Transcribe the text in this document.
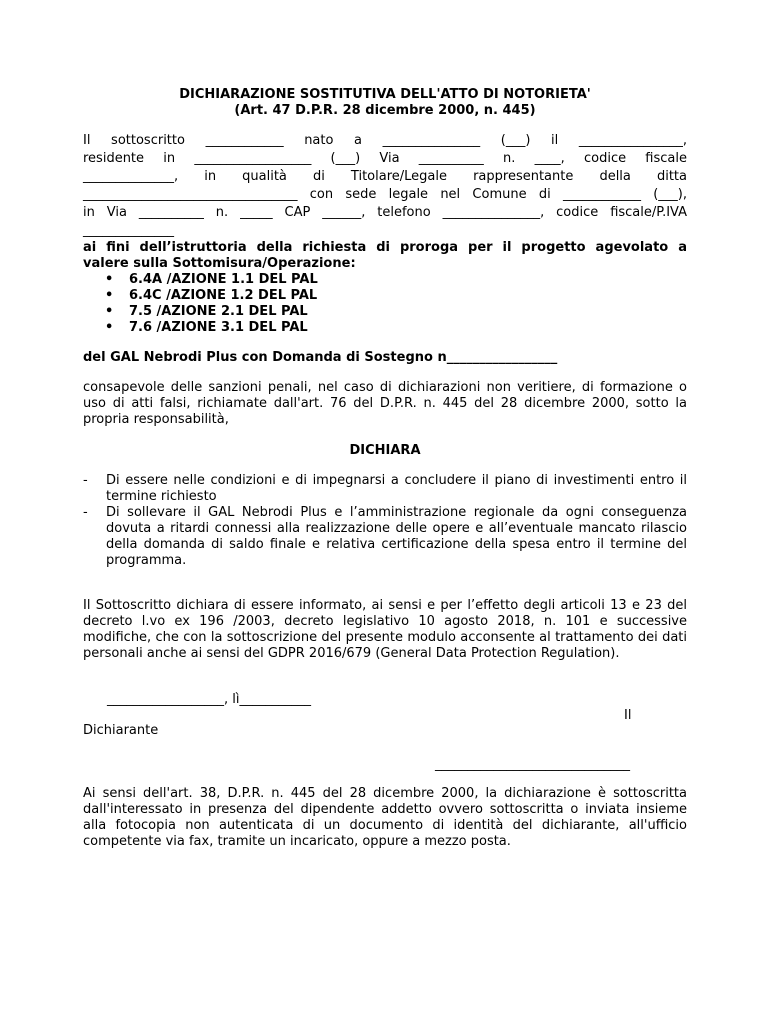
DICHIARAZIONE SOSTITUTIVA DELL'ATTO DI NOTORIETA'
(Art. 47 D.P.R. 28 dicembre 2000, n. 445)
Il sottoscritto ____________ nato a _______________ (___) il ________________,
residente in __________________ (___) Via __________ n. ____, codice fiscale
______________, in qualità di Titolare/Legale rappresentante della ditta
_________________________________ con sede legale nel Comune di ____________ (___),
in Via __________ n. _____ CAP ______, telefono _______________, codice fiscale/P.IVA
______________
ai fini dell’istruttoria della richiesta di proroga per il progetto agevolato a
valere sulla Sottomisura/Operazione:
• 6.4A /AZIONE 1.1 DEL PAL
• 6.4C /AZIONE 1.2 DEL PAL
• 7.5 /AZIONE 2.1 DEL PAL
• 7.6 /AZIONE 3.1 DEL PAL
del GAL Nebrodi Plus con Domanda di Sostegno n_________________
consapevole delle sanzioni penali, nel caso di dichiarazioni non veritiere, di formazione o uso di atti falsi, richiamate dall'art. 76 del D.P.R. n. 445 del 28 dicembre 2000, sotto la propria responsabilità,
DICHIARA
- Di essere nelle condizioni e di impegnarsi a concludere il piano di investimenti entro il termine richiesto
- Di sollevare il GAL Nebrodi Plus e l’amministrazione regionale da ogni conseguenza dovuta a ritardi connessi alla realizzazione delle opere e all’eventuale mancato rilascio della domanda di saldo finale e relativa certificazione della spesa entro il termine del programma.
Il Sottoscritto dichiara di essere informato, ai sensi e per l’effetto degli articoli 13 e 23 del decreto l.vo ex 196 /2003, decreto legislativo 10 agosto 2018, n. 101 e successive modifiche, che con la sottoscrizione del presente modulo acconsente al trattamento dei dati personali anche ai sensi del GDPR 2016/679 (General Data Protection Regulation).
__________________, lì___________
Il
Dichiarante
______________________________
Ai sensi dell'art. 38, D.P.R. n. 445 del 28 dicembre 2000, la dichiarazione è sottoscritta dall'interessato in presenza del dipendente addetto ovvero sottoscritta o inviata insieme alla fotocopia non autenticata di un documento di identità del dichiarante, all'ufficio competente via fax, tramite un incaricato, oppure a mezzo posta.
